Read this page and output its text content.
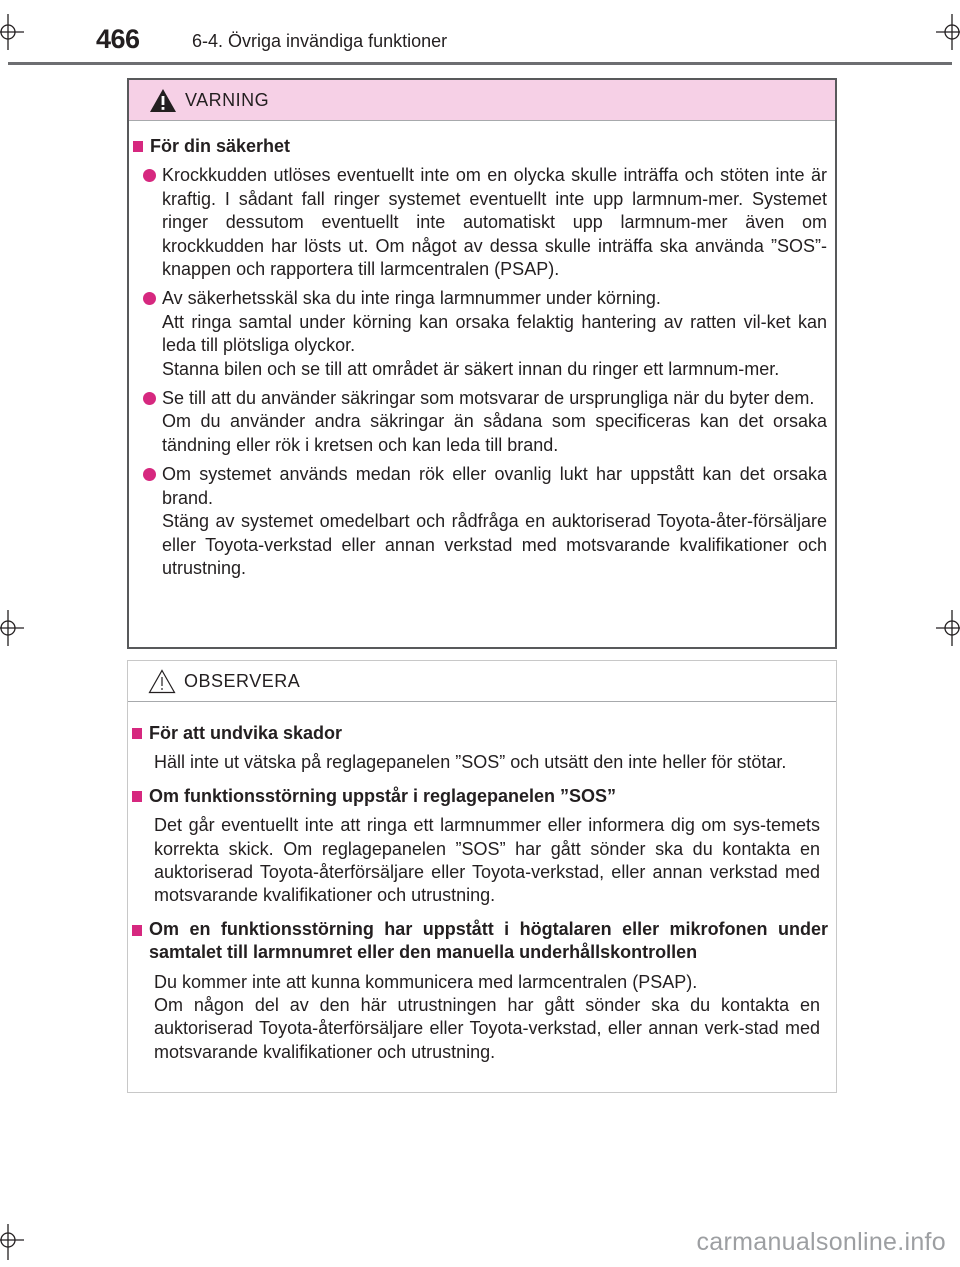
466	6-4. Övriga invändiga funktioner
VARNING
För din säkerhet
Krockkudden utlöses eventuellt inte om en olycka skulle inträffa och stöten inte är kraftig. I sådant fall ringer systemet eventuellt inte upp larmnum-mer. Systemet ringer dessutom eventuellt inte automatiskt upp larmnum-mer även om krockkudden har lösts ut. Om något av dessa skulle inträffa ska använda ”SOS”-knappen och rapportera till larmcentralen (PSAP).
Av säkerhetsskäl ska du inte ringa larmnummer under körning.
Att ringa samtal under körning kan orsaka felaktig hantering av ratten vil-ket kan leda till plötsliga olyckor.
Stanna bilen och se till att området är säkert innan du ringer ett larmnum-mer.
Se till att du använder säkringar som motsvarar de ursprungliga när du byter dem.
Om du använder andra säkringar än sådana som specificeras kan det orsaka tändning eller rök i kretsen och kan leda till brand.
Om systemet används medan rök eller ovanlig lukt har uppstått kan det orsaka brand.
Stäng av systemet omedelbart och rådfråga en auktoriserad Toyota-åter-försäljare eller Toyota-verkstad eller annan verkstad med motsvarande kvalifikationer och utrustning.
OBSERVERA
För att undvika skador
Häll inte ut vätska på reglagepanelen ”SOS” och utsätt den inte heller för stötar.
Om funktionsstörning uppstår i reglagepanelen ”SOS”
Det går eventuellt inte att ringa ett larmnummer eller informera dig om sys-temets korrekta skick. Om reglagepanelen ”SOS” har gått sönder ska du kontakta en auktoriserad Toyota-återförsäljare eller Toyota-verkstad, eller annan verkstad med motsvarande kvalifikationer och utrustning.
Om en funktionsstörning har uppstått i högtalaren eller mikrofonen under samtalet till larmnumret eller den manuella underhållskontrollen
Du kommer inte att kunna kommunicera med larmcentralen (PSAP).
Om någon del av den här utrustningen har gått sönder ska du kontakta en auktoriserad Toyota-återförsäljare eller Toyota-verkstad, eller annan verk-stad med motsvarande kvalifikationer och utrustning.
carmanualsonline.info
